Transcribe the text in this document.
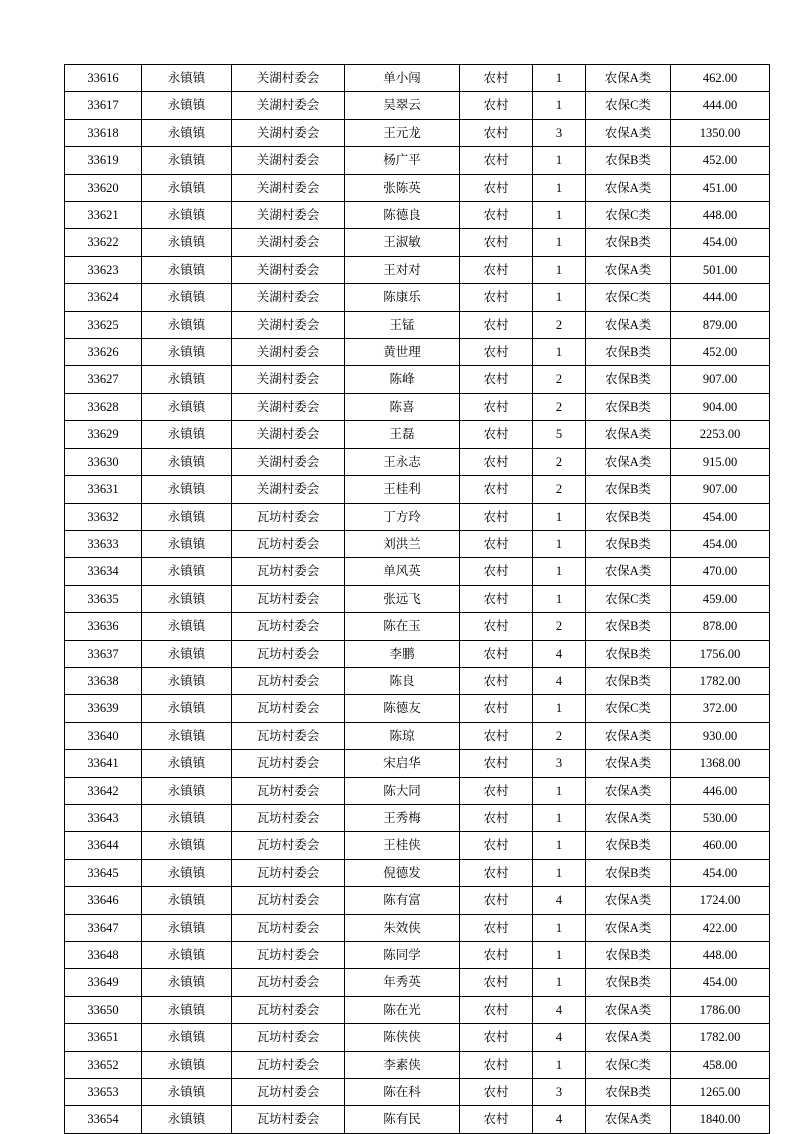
33616	永镇镇	关湖村委会	单小闯	农村	1	农保A类	462.00
33617	永镇镇	关湖村委会	吴翠云	农村	1	农保C类	444.00
33618	永镇镇	关湖村委会	王元龙	农村	3	农保A类	1350.00
33619	永镇镇	关湖村委会	杨广平	农村	1	农保B类	452.00
33620	永镇镇	关湖村委会	张陈英	农村	1	农保A类	451.00
33621	永镇镇	关湖村委会	陈德良	农村	1	农保C类	448.00
33622	永镇镇	关湖村委会	王淑敏	农村	1	农保B类	454.00
33623	永镇镇	关湖村委会	王对对	农村	1	农保A类	501.00
33624	永镇镇	关湖村委会	陈康乐	农村	1	农保C类	444.00
33625	永镇镇	关湖村委会	王锰	农村	2	农保A类	879.00
33626	永镇镇	关湖村委会	黄世理	农村	1	农保B类	452.00
33627	永镇镇	关湖村委会	陈峰	农村	2	农保B类	907.00
33628	永镇镇	关湖村委会	陈喜	农村	2	农保B类	904.00
33629	永镇镇	关湖村委会	王磊	农村	5	农保A类	2253.00
33630	永镇镇	关湖村委会	王永志	农村	2	农保A类	915.00
33631	永镇镇	关湖村委会	王桂利	农村	2	农保B类	907.00
33632	永镇镇	瓦坊村委会	丁方玲	农村	1	农保B类	454.00
33633	永镇镇	瓦坊村委会	刘洪兰	农村	1	农保B类	454.00
33634	永镇镇	瓦坊村委会	单风英	农村	1	农保A类	470.00
33635	永镇镇	瓦坊村委会	张远飞	农村	1	农保C类	459.00
33636	永镇镇	瓦坊村委会	陈在玉	农村	2	农保B类	878.00
33637	永镇镇	瓦坊村委会	李鹏	农村	4	农保B类	1756.00
33638	永镇镇	瓦坊村委会	陈良	农村	4	农保B类	1782.00
33639	永镇镇	瓦坊村委会	陈德友	农村	1	农保C类	372.00
33640	永镇镇	瓦坊村委会	陈琼	农村	2	农保A类	930.00
33641	永镇镇	瓦坊村委会	宋启华	农村	3	农保A类	1368.00
33642	永镇镇	瓦坊村委会	陈大同	农村	1	农保A类	446.00
33643	永镇镇	瓦坊村委会	王秀梅	农村	1	农保A类	530.00
33644	永镇镇	瓦坊村委会	王桂侠	农村	1	农保B类	460.00
33645	永镇镇	瓦坊村委会	倪德发	农村	1	农保B类	454.00
33646	永镇镇	瓦坊村委会	陈有富	农村	4	农保A类	1724.00
33647	永镇镇	瓦坊村委会	朱效侠	农村	1	农保A类	422.00
33648	永镇镇	瓦坊村委会	陈同学	农村	1	农保B类	448.00
33649	永镇镇	瓦坊村委会	年秀英	农村	1	农保B类	454.00
33650	永镇镇	瓦坊村委会	陈在光	农村	4	农保A类	1786.00
33651	永镇镇	瓦坊村委会	陈侠侠	农村	4	农保A类	1782.00
33652	永镇镇	瓦坊村委会	李素侠	农村	1	农保C类	458.00
33653	永镇镇	瓦坊村委会	陈在科	农村	3	农保B类	1265.00
33654	永镇镇	瓦坊村委会	陈有民	农村	4	农保A类	1840.00
